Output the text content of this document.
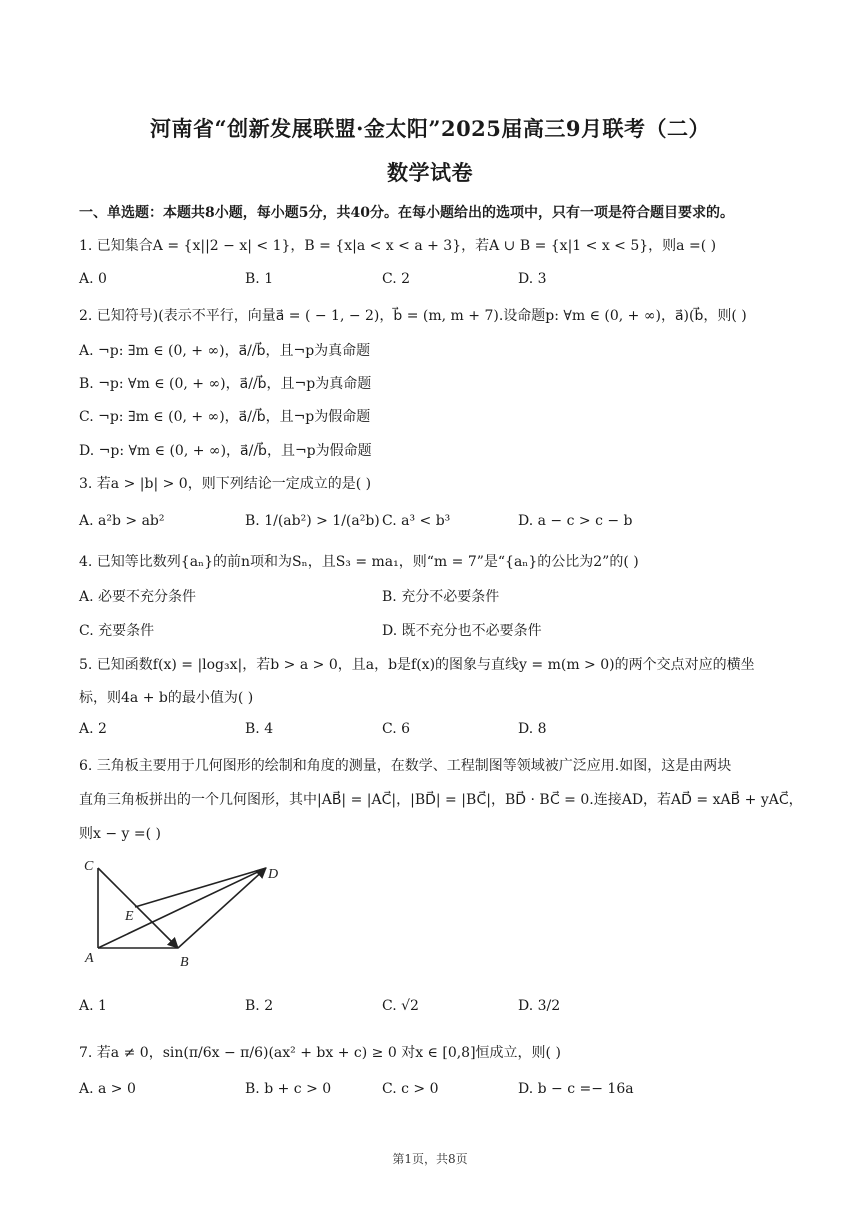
河南省“创新发展联盟·金太阳”2025届高三9月联考（二）
数学试卷
一、单选题：本题共8小题，每小题5分，共40分。在每小题给出的选项中，只有一项是符合题目要求的。
1. 已知集合A = {x||2 − x| < 1}，B = {x|a < x < a + 3}，若A ∪ B = {x|1 < x < 5}，则a =( )
A. 0	B. 1	C. 2	D. 3
2. 已知符号)(表示不平行，向量a⃗ = ( − 1, − 2)，b⃗ = (m, m + 7).设命题p: ∀m ∈ (0, + ∞)，a⃗)(b⃗，则( )
A. ¬p: ∃m ∈ (0, + ∞)，a⃗//b⃗，且¬p为真命题
B. ¬p: ∀m ∈ (0, + ∞)，a⃗//b⃗，且¬p为真命题
C. ¬p: ∃m ∈ (0, + ∞)，a⃗//b⃗，且¬p为假命题
D. ¬p: ∀m ∈ (0, + ∞)，a⃗//b⃗，且¬p为假命题
3. 若a > |b| > 0，则下列结论一定成立的是( )
A. a²b > ab²	B. 1/(ab²) > 1/(a²b) C. a³ < b³	D. a − c > c − b
4. 已知等比数列{aₙ}的前n项和为Sₙ，且S₃ = ma₁，则“m = 7”是“{aₙ}的公比为2”的( )
A. 必要不充分条件	B. 充分不必要条件
C. 充要条件	D. 既不充分也不必要条件
5. 已知函数f(x) = |log₃x|，若b > a > 0，且a，b是f(x)的图象与直线y = m(m > 0)的两个交点对应的横坐
标，则4a + b的最小值为( )
A. 2	B. 4	C. 6	D. 8
6. 三角板主要用于几何图形的绘制和角度的测量，在数学、工程制图等领域被广泛应用.如图，这是由两块
直角三角板拼出的一个几何图形，其中|AB⃗| = |AC⃗|，|BD⃗| = |BC⃗|，BD⃗ · BC⃗ = 0.连接AD，若AD⃗ = xAB⃗ + yAC⃗，
则x − y =( )
C
D
E
A	B
A. 1	B. 2	C. √2	D. 3/2
7. 若a ≠ 0，sin(π/6x − π/6)(ax² + bx + c) ≥ 0 对x ∈ [0,8]恒成立，则( )
A. a > 0	B. b + c > 0	C. c > 0	D. b − c =− 16a
第1页，共8页
